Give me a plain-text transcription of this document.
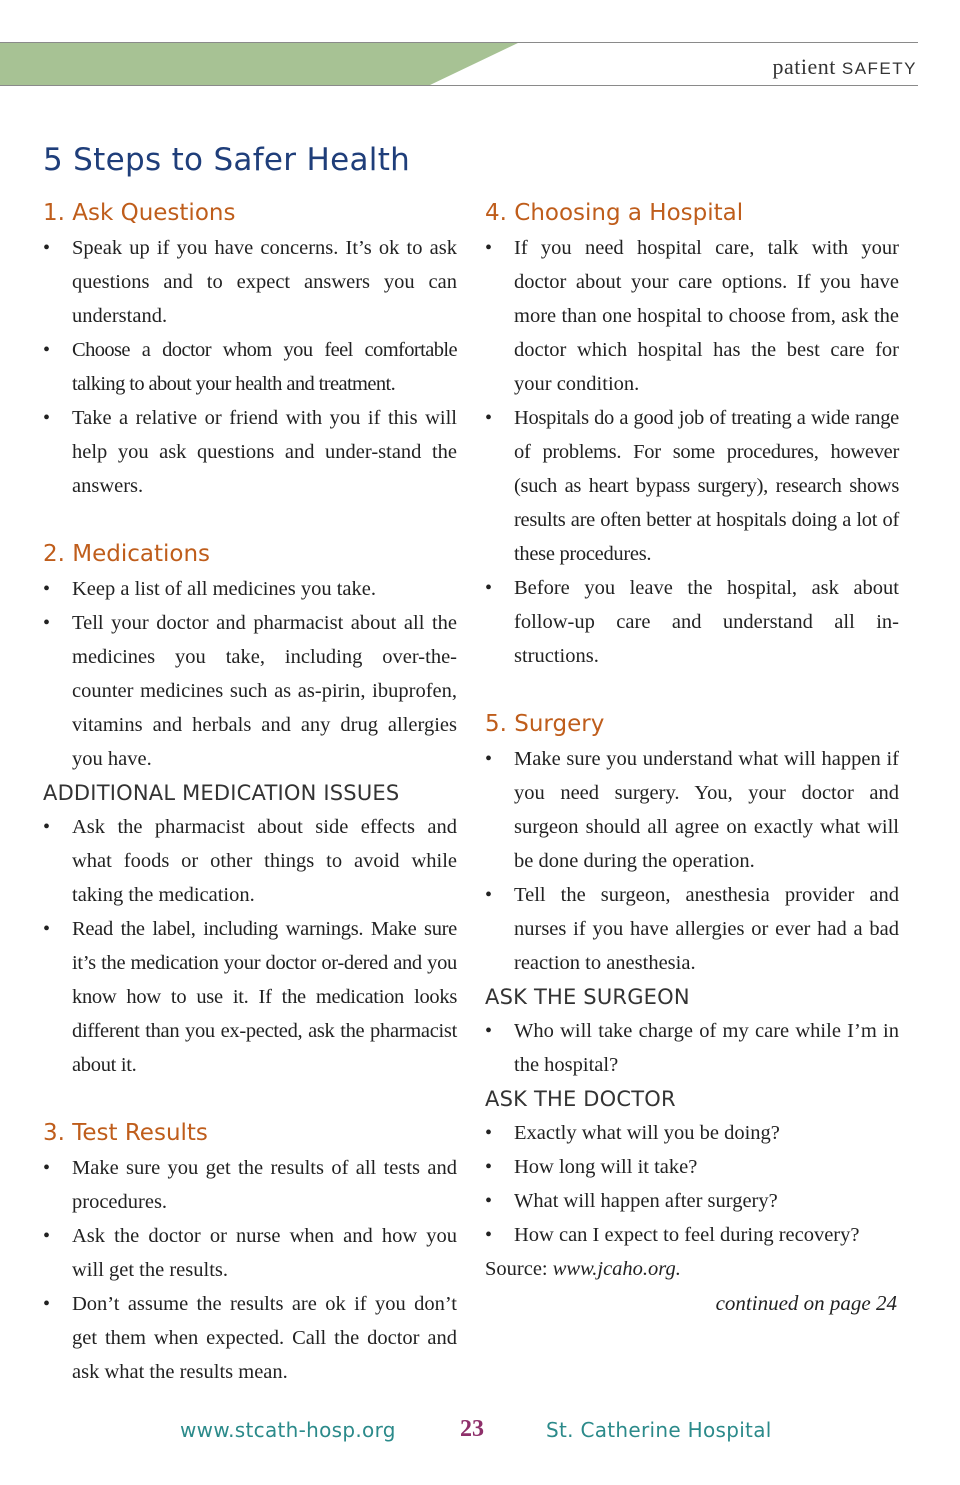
patient SAFETY
5 Steps to Safer Health
1. Ask Questions
• Speak up if you have concerns. It’s ok to ask questions and to expect answers you can understand.
• Choose a doctor whom you feel comfortable talking to about your health and treatment.
• Take a relative or friend with you if this will help you ask questions and under-stand the answers.
2. Medications
• Keep a list of all medicines you take.
• Tell your doctor and pharmacist about all the medicines you take, including over-the-counter medicines such as as-pirin, ibuprofen, vitamins and herbals and any drug allergies you have.
ADDITIONAL MEDICATION ISSUES
• Ask the pharmacist about side effects and what foods or other things to avoid while taking the medication.
• Read the label, including warnings. Make sure it’s the medication your doctor or-dered and you know how to use it. If the medication looks different than you ex-pected, ask the pharmacist about it.
3. Test Results
• Make sure you get the results of all tests and procedures.
• Ask the doctor or nurse when and how you will get the results.
• Don’t assume the results are ok if you don’t get them when expected. Call the doctor and ask what the results mean.
4. Choosing a Hospital
• If you need hospital care, talk with your doctor about your care options. If you have more than one hospital to choose from, ask the doctor which hospital has the best care for your condition.
• Hospitals do a good job of treating a wide range of problems. For some procedures, however (such as heart bypass surgery), research shows results are often better at hospitals doing a lot of these procedures.
• Before you leave the hospital, ask about follow-up care and understand all in-structions.
5. Surgery
• Make sure you understand what will happen if you need surgery. You, your doctor and surgeon should all agree on exactly what will be done during the operation.
• Tell the surgeon, anesthesia provider and nurses if you have allergies or ever had a bad reaction to anesthesia.
ASK THE SURGEON
• Who will take charge of my care while I’m in the hospital?
ASK THE DOCTOR
• Exactly what will you be doing?
• How long will it take?
• What will happen after surgery?
• How can I expect to feel during recovery?
Source: www.jcaho.org.
continued on page 24
www.stcath-hosp.org	23	St. Catherine Hospital
